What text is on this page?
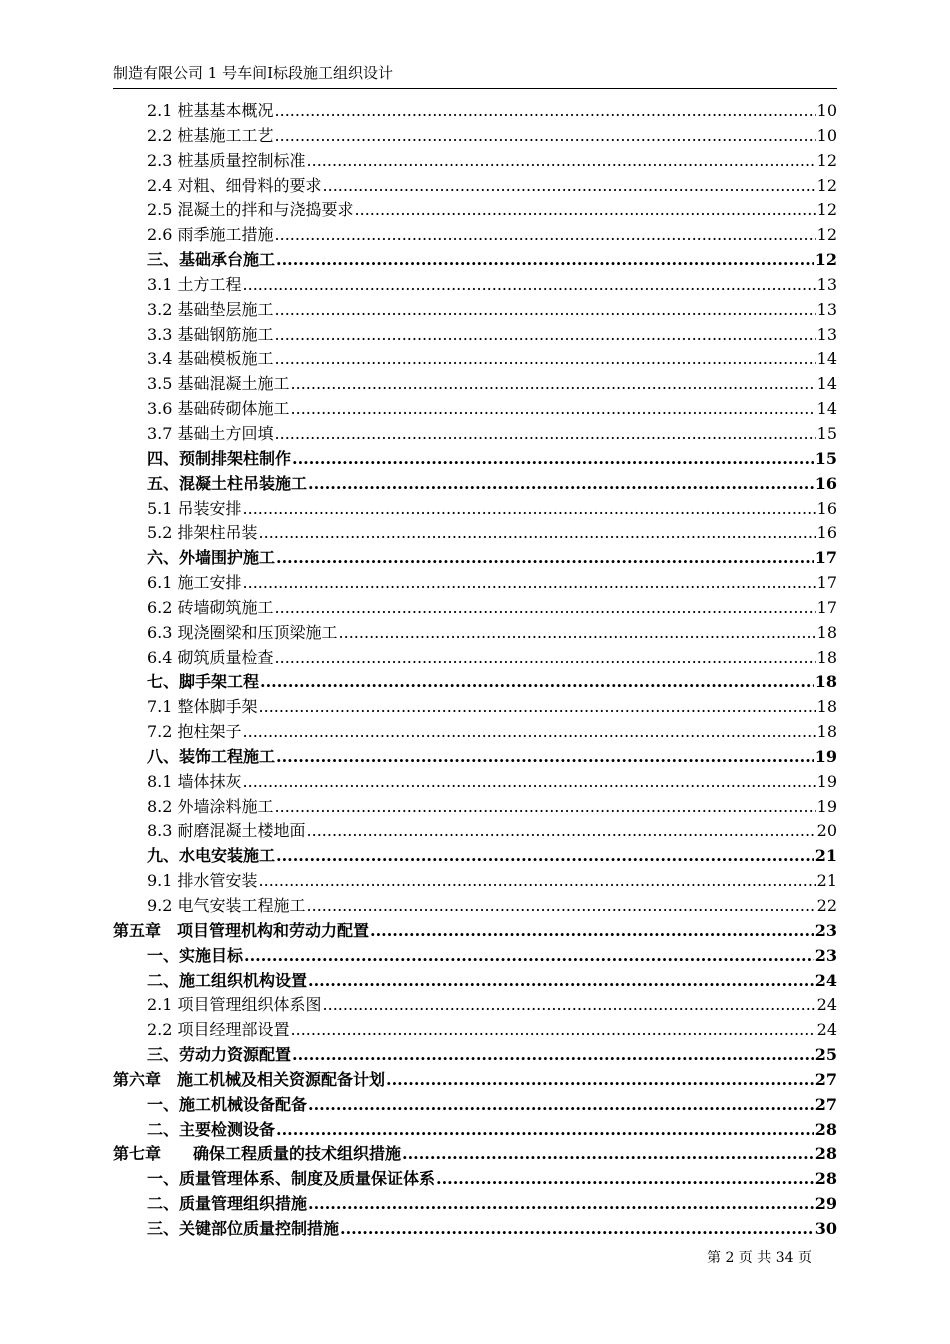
制造有限公司 1 号车间Ⅰ标段施工组织设计
2.1 桩基基本概况 .....	10
2.2 桩基施工工艺 .....	10
2.3 桩基质量控制标准 .....	12
2.4 对粗、细骨料的要求 .....	12
2.5 混凝土的拌和与浇捣要求 .....	12
2.6 雨季施工措施 .....	12
三、基础承台施工 .....	12
3.1 土方工程 .....	13
3.2 基础垫层施工 .....	13
3.3 基础钢筋施工 .....	13
3.4 基础模板施工 .....	14
3.5 基础混凝土施工 .....	14
3.6 基础砖砌体施工 .....	14
3.7 基础土方回填 .....	15
四、预制排架柱制作 .....	15
五、混凝土柱吊装施工 .....	16
5.1 吊装安排 .....	16
5.2 排架柱吊装 .....	16
六、外墙围护施工 .....	17
6.1 施工安排 .....	17
6.2 砖墙砌筑施工 .....	17
6.3 现浇圈梁和压顶梁施工 .....	18
6.4 砌筑质量检查 .....	18
七、脚手架工程 .....	18
7.1 整体脚手架 .....	18
7.2 抱柱架子 .....	18
八、装饰工程施工 .....	19
8.1 墙体抹灰 .....	19
8.2 外墙涂料施工 .....	19
8.3 耐磨混凝土楼地面 .....	20
九、水电安装施工 .....	21
9.1 排水管安装 .....	21
9.2 电气安装工程施工 .....	22
第五章　项目管理机构和劳动力配置 .....	23
一、实施目标 .....	23
二、施工组织机构设置 .....	24
2.1 项目管理组织体系图 .....	24
2.2 项目经理部设置 .....	24
三、劳动力资源配置 .....	25
第六章　施工机械及相关资源配备计划 .....	27
一、施工机械设备配备 .....	27
二、主要检测设备 .....	28
第七章　　确保工程质量的技术组织措施 .....	28
一、质量管理体系、制度及质量保证体系 .....	28
二、质量管理组织措施 .....	29
三、关键部位质量控制措施 .....	30
第 2 页 共 34 页
